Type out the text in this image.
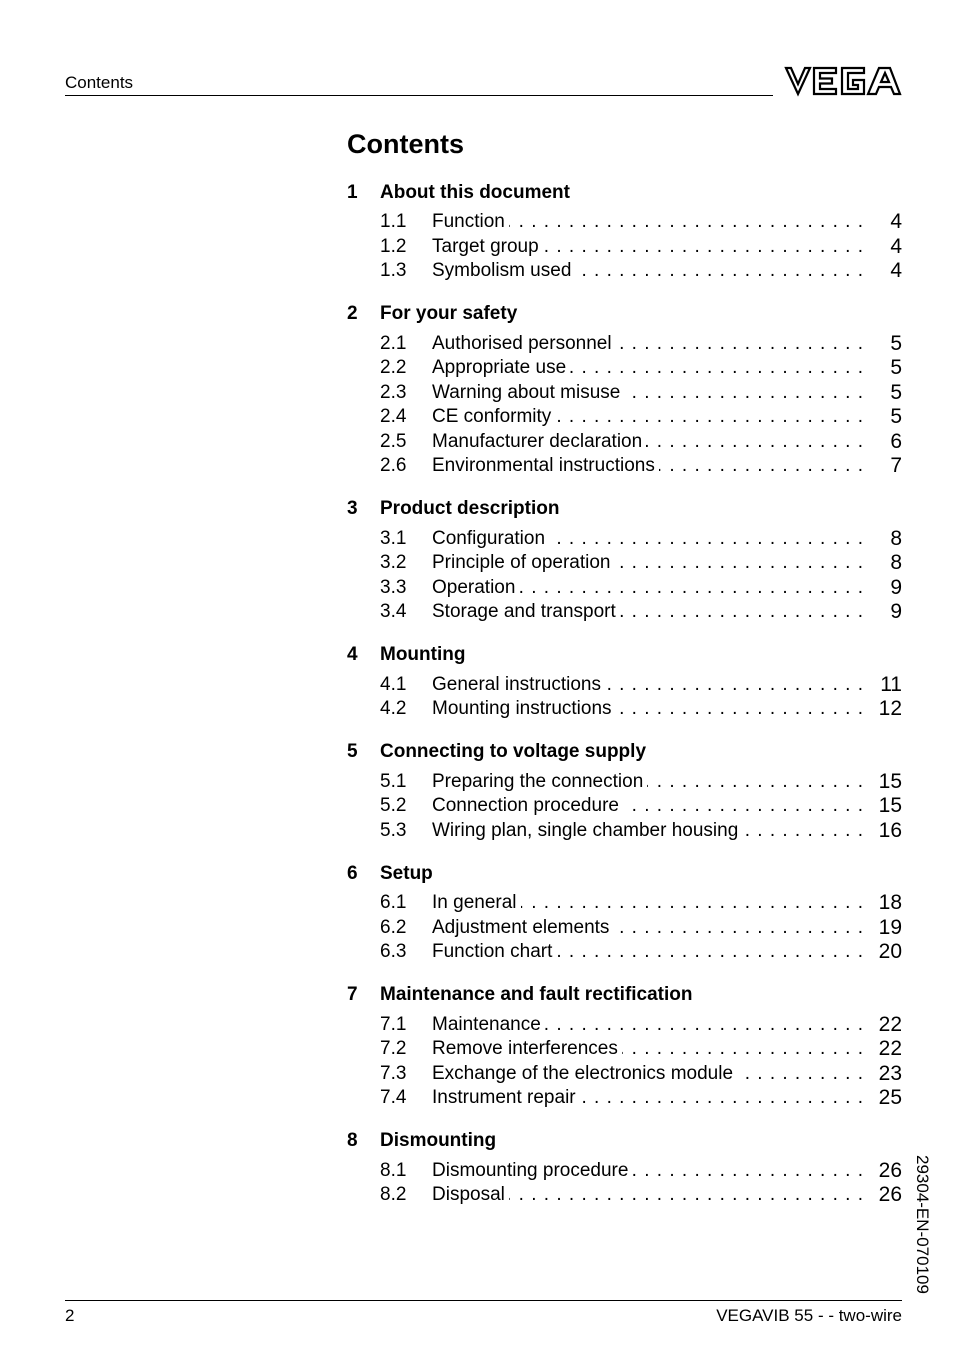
Contents
Contents
1	About this document
1.1	Function . . .	4
1.2	Target group . . .	4
1.3	Symbolism used . . .	4
2	For your safety
2.1	Authorised personnel . . .	5
2.2	Appropriate use . . .	5
2.3	Warning about misuse . . .	5
2.4	CE conformity . . .	5
2.5	Manufacturer declaration . . .	6
2.6	Environmental instructions . . .	7
3	Product description
3.1	Configuration . . .	8
3.2	Principle of operation . . .	8
3.3	Operation . . .	9
3.4	Storage and transport . . .	9
4	Mounting
4.1	General instructions . . .	11
4.2	Mounting instructions . . .	12
5	Connecting to voltage supply
5.1	Preparing the connection . . .	15
5.2	Connection procedure . . .	15
5.3	Wiring plan, single chamber housing . . .	16
6	Setup
6.1	In general . . .	18
6.2	Adjustment elements . . .	19
6.3	Function chart . . .	20
7	Maintenance and fault rectification
7.1	Maintenance . . .	22
7.2	Remove interferences . . .	22
7.3	Exchange of the electronics module . . .	23
7.4	Instrument repair . . .	25
8	Dismounting
8.1	Dismounting procedure . . .	26
8.2	Disposal . . .	26 29304-EN-070109
2	VEGAVIB 55 - - two-wire
